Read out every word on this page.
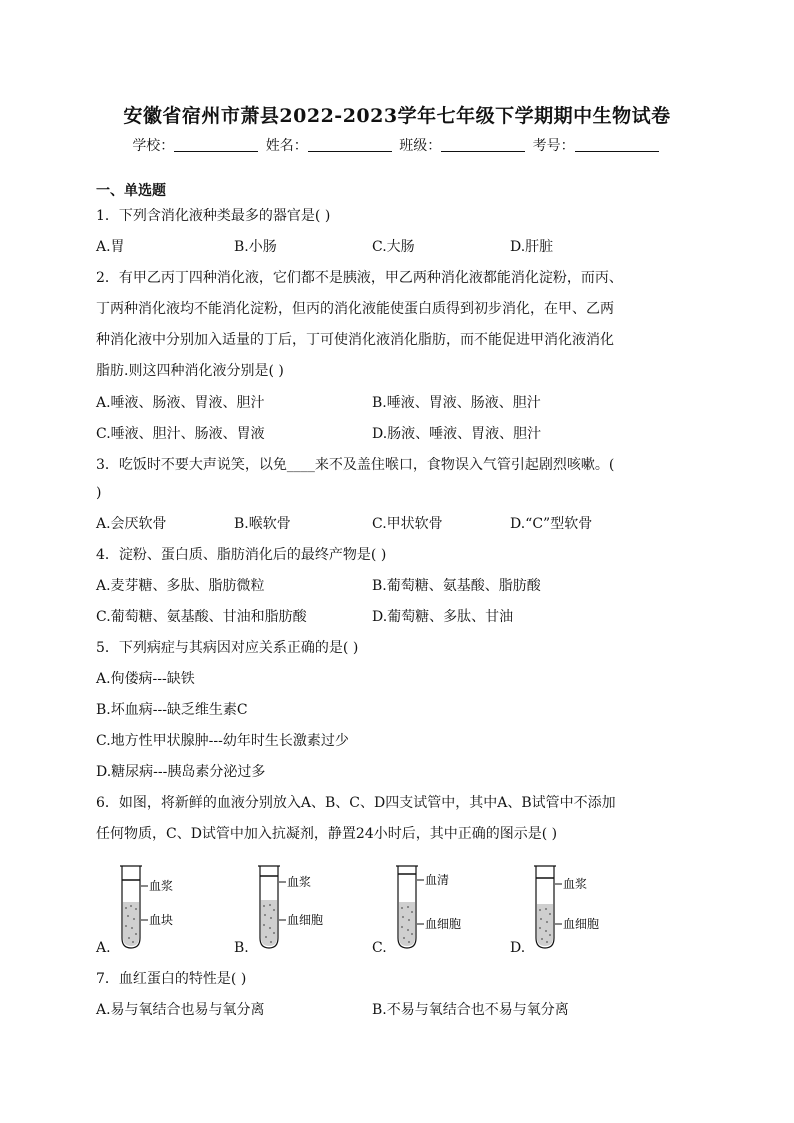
安徽省宿州市萧县2022-2023学年七年级下学期期中生物试卷
学校：	姓名：	班级：	考号：
一、单选题
1．下列含消化液种类最多的器官是( )
A.胃	B.小肠	C.大肠	D.肝脏
2．有甲乙丙丁四种消化液，它们都不是胰液，甲乙两种消化液都能消化淀粉，而丙、
丁两种消化液均不能消化淀粉，但丙的消化液能使蛋白质得到初步消化，在甲、乙两
种消化液中分别加入适量的丁后，丁可使消化液消化脂肪，而不能促进甲消化液消化
脂肪.则这四种消化液分别是( )
A.唾液、肠液、胃液、胆汁	B.唾液、胃液、肠液、胆汁
C.唾液、胆汁、肠液、胃液	D.肠液、唾液、胃液、胆汁
3．吃饭时不要大声说笑，以免____来不及盖住喉口，食物误入气管引起剧烈咳嗽。(
)
A.会厌软骨	B.喉软骨	C.甲状软骨	D.“C”型软骨
4．淀粉、蛋白质、脂肪消化后的最终产物是( )
A.麦芽糖、多肽、脂肪微粒	B.葡萄糖、氨基酸、脂肪酸
C.葡萄糖、氨基酸、甘油和脂肪酸	D.葡萄糖、多肽、甘油
5．下列病症与其病因对应关系正确的是( )
A.佝偻病---缺铁
B.坏血病---缺乏维生素C
C.地方性甲状腺肿---幼年时生长激素过少
D.糖尿病---胰岛素分泌过多
6．如图，将新鲜的血液分别放入A、B、C、D四支试管中，其中A、B试管中不添加
任何物质，C、D试管中加入抗凝剂，静置24小时后，其中正确的图示是( )
A.
血浆
血块
B.
血浆
血细胞
C.
血清
血细胞
D.
血浆
血细胞
7．血红蛋白的特性是( )
A.易与氧结合也易与氧分离	B.不易与氧结合也不易与氧分离
